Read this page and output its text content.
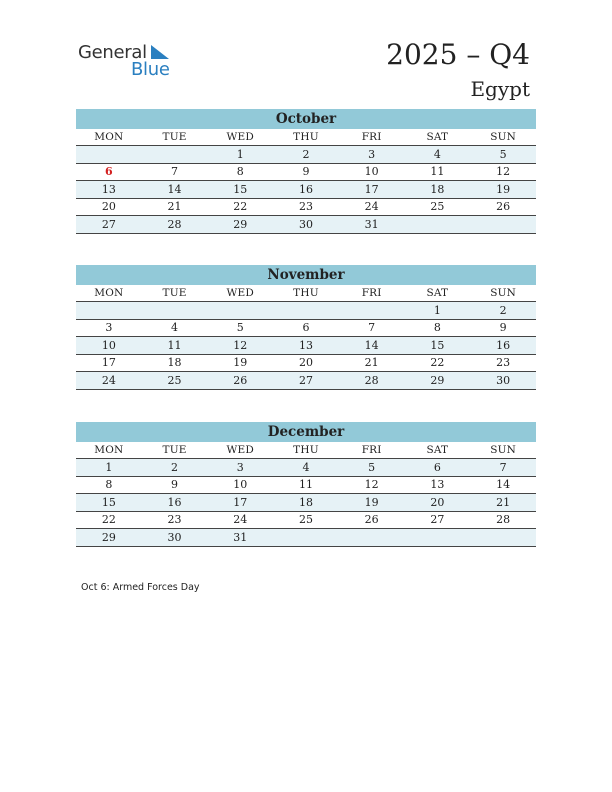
General
Blue	2025 – Q4
Egypt
October
MON	TUE	WED	THU	FRI	SAT	SUN
		1	2	3	4	5
6	7	8	9	10	11	12
13	14	15	16	17	18	19
20	21	22	23	24	25	26
27	28	29	30	31		
November
MON	TUE	WED	THU	FRI	SAT	SUN
					1	2
3	4	5	6	7	8	9
10	11	12	13	14	15	16
17	18	19	20	21	22	23
24	25	26	27	28	29	30
December
MON	TUE	WED	THU	FRI	SAT	SUN
1	2	3	4	5	6	7
8	9	10	11	12	13	14
15	16	17	18	19	20	21
22	23	24	25	26	27	28
29	30	31				
Oct 6: Armed Forces Day
